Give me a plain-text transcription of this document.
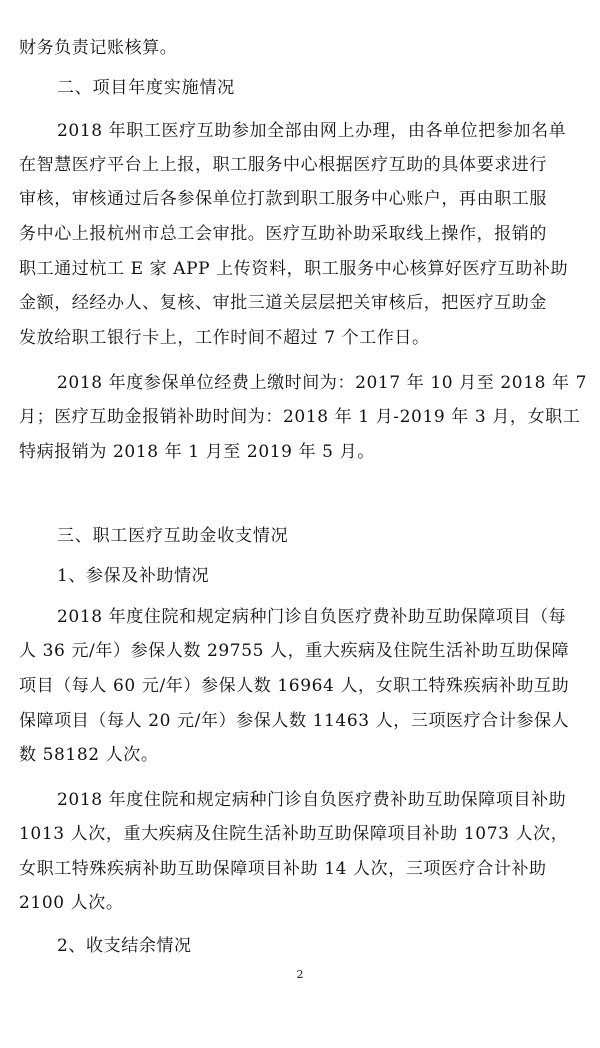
财务负责记账核算。
二、项目年度实施情况
2018 年职工医疗互助参加全部由网上办理，由各单位把参加名单
在智慧医疗平台上上报，职工服务中心根据医疗互助的具体要求进行
审核，审核通过后各参保单位打款到职工服务中心账户，再由职工服
务中心上报杭州市总工会审批。医疗互助补助采取线上操作，报销的
职工通过杭工 E 家 APP 上传资料，职工服务中心核算好医疗互助补助
金额，经经办人、复核、审批三道关层层把关审核后，把医疗互助金
发放给职工银行卡上，工作时间不超过 7 个工作日。
2018 年度参保单位经费上缴时间为：2017 年 10 月至 2018 年 7
月；医疗互助金报销补助时间为：2018 年 1 月-2019 年 3 月，女职工
特病报销为 2018 年 1 月至 2019 年 5 月。
三、职工医疗互助金收支情况
1、参保及补助情况
2018 年度住院和规定病种门诊自负医疗费补助互助保障项目（每
人 36 元/年）参保人数 29755 人，重大疾病及住院生活补助互助保障
项目（每人 60 元/年）参保人数 16964 人，女职工特殊疾病补助互助
保障项目（每人 20 元/年）参保人数 11463 人，三项医疗合计参保人
数 58182 人次。
2018 年度住院和规定病种门诊自负医疗费补助互助保障项目补助
1013 人次，重大疾病及住院生活补助互助保障项目补助 1073 人次，
女职工特殊疾病补助互助保障项目补助 14 人次，三项医疗合计补助
2100 人次。
2、收支结余情况
2
